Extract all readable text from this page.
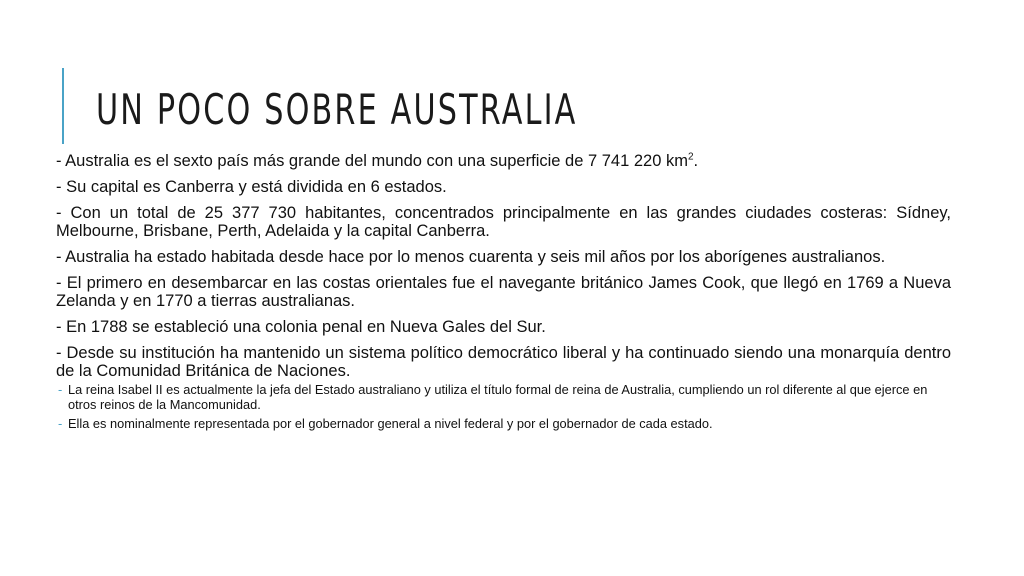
UN POCO SOBRE AUSTRALIA

- Australia es el sexto país más grande del mundo con una superficie de 7 741 220 $km^2$.

- Su capital es Canberra y está dividida en 6 estados.

- Con un total de 25 377 730 habitantes, concentrados principalmente en las grandes ciudades costeras: Sídney, Melbourne, Brisbane, Perth, Adelaida y la capital Canberra.

- Australia ha estado habitada desde hace por lo menos cuarenta y seis mil años por los aborígenes australianos.

- El primero en desembarcar en las costas orientales fue el navegante británico James Cook, que llegó en 1769 a Nueva Zelanda y en 1770 a tierras australianas.

- En 1788 se estableció una colonia penal en Nueva Gales del Sur.

- Desde su institución ha mantenido un sistema político democrático liberal y ha continuado siendo una monarquía dentro de la Comunidad Británica de Naciones.

- La reina Isabel II es actualmente la jefa del Estado australiano y utiliza el título formal de reina de Australia, cumpliendo un rol diferente al que ejerce en otros reinos de la Mancomunidad.
- Ella es nominalmente representada por el gobernador general a nivel federal y por el gobernador de cada estado.
